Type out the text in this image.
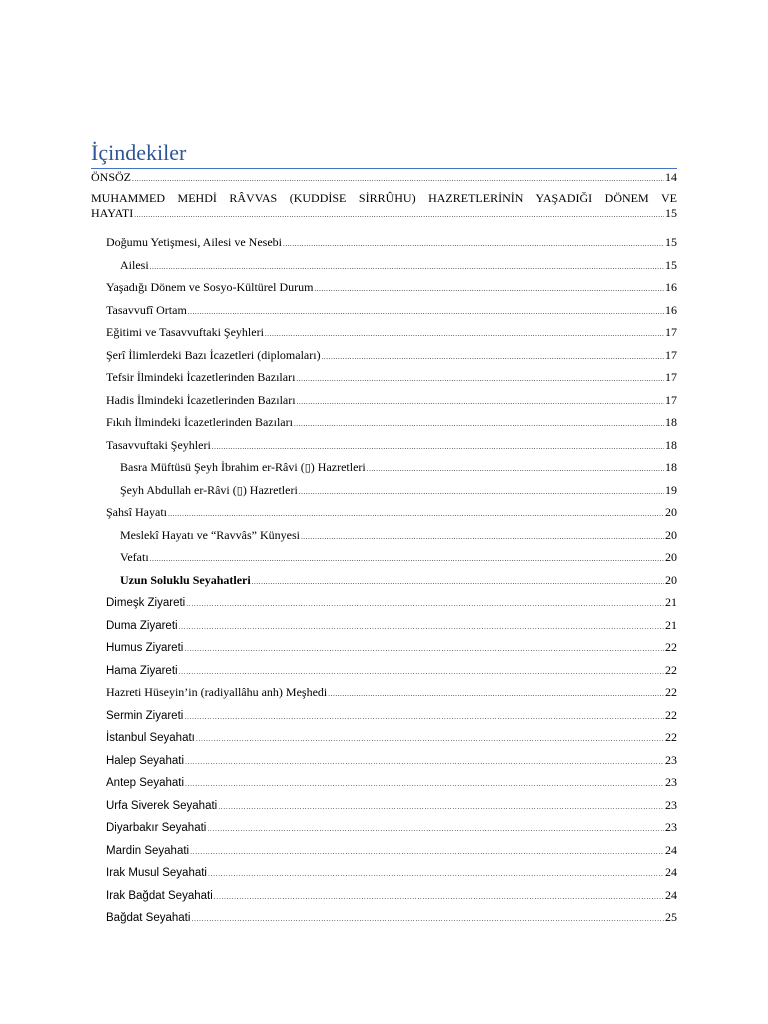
İçindekiler
ÖNSÖZ .....	14
MUHAMMED MEHDİ RÂVVAS (KUDDİSE SİRRÛHU) HAZRETLERİNİN YAŞADIĞI DÖNEM VE
HAYATI .....	15
Doğumu Yetişmesi, Ailesi ve Nesebi .....	15
Ailesi .....	15
Yaşadığı Dönem ve Sosyo-Kültürel Durum .....	16
Tasavvufî Ortam .....	16
Eğitimi ve Tasavvuftaki Şeyhleri .....	17
Şerî İlimlerdeki Bazı İcazetleri (diplomaları) .....	17
Tefsir İlmindeki İcazetlerinden Bazıları .....	17
Hadis İlmindeki İcazetlerinden Bazıları .....	17
Fıkıh İlmindeki İcazetlerinden Bazıları .....	18
Tasavvuftaki Şeyhleri .....	18
Basra Müftüsü Şeyh İbrahim er-Râvi (▯) Hazretleri .....	18
Şeyh Abdullah er-Râvi (▯) Hazretleri .....	19
Şahsî Hayatı .....	20
Meslekî Hayatı ve “Ravvâs” Künyesi .....	20
Vefatı .....	20
Uzun Soluklu Seyahatleri .....	20
Dimeşk Ziyareti .....	21
Duma Ziyareti .....	21
Humus Ziyareti .....	22
Hama Ziyareti .....	22
Hazreti Hüseyin’in (radiyallâhu anh) Meşhedi .....	22
Sermin Ziyareti .....	22
İstanbul Seyahatı .....	22
Halep Seyahati .....	23
Antep Seyahati .....	23
Urfa Siverek Seyahati .....	23
Diyarbakır Seyahati .....	23
Mardin Seyahati .....	24
Irak Musul Seyahati .....	24
Irak Bağdat Seyahati .....	24
Bağdat Seyahati .....	25
